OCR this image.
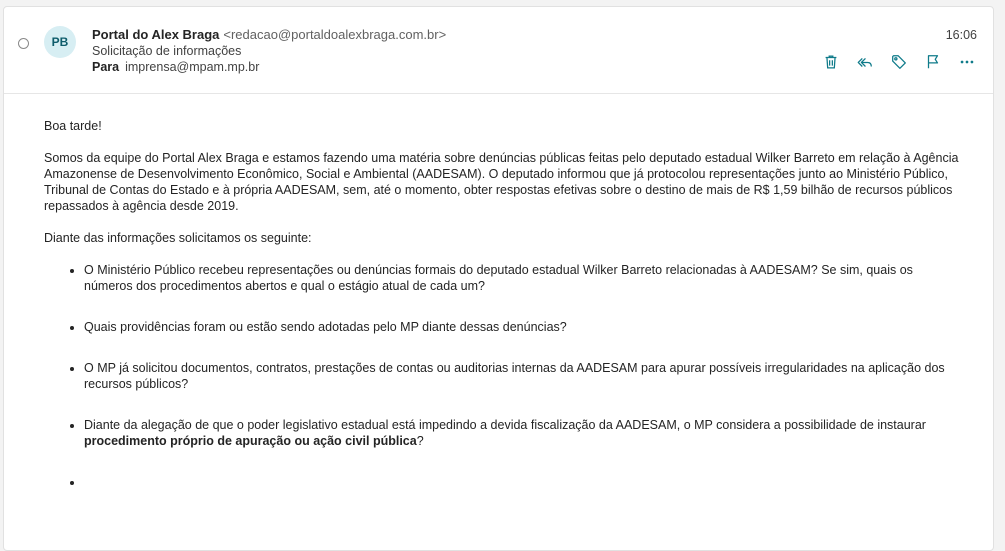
PB	Portal do Alex Braga <redacao@portaldoalexbraga.com.br>
Solicitação de informações
Para imprensa@mpam.mp.br
16:06

Boa tarde!

Somos da equipe do Portal Alex Braga e estamos fazendo uma matéria sobre denúncias públicas feitas pelo deputado estadual Wilker Barreto em relação à Agência Amazonense de Desenvolvimento Econômico, Social e Ambiental (AADESAM). O deputado informou que já protocolou representações junto ao Ministério Público, Tribunal de Contas do Estado e à própria AADESAM, sem, até o momento, obter respostas efetivas sobre o destino de mais de R$ 1,59 bilhão de recursos públicos repassados à agência desde 2019.

Diante das informações solicitamos os seguinte:

• O Ministério Público recebeu representações ou denúncias formais do deputado estadual Wilker Barreto relacionadas à AADESAM? Se sim, quais os números dos procedimentos abertos e qual o estágio atual de cada um?
• Quais providências foram ou estão sendo adotadas pelo MP diante dessas denúncias?
• O MP já solicitou documentos, contratos, prestações de contas ou auditorias internas da AADESAM para apurar possíveis irregularidades na aplicação dos recursos públicos?
• Diante da alegação de que o poder legislativo estadual está impedindo a devida fiscalização da AADESAM, o MP considera a possibilidade de instaurar procedimento próprio de apuração ou ação civil pública?
•
